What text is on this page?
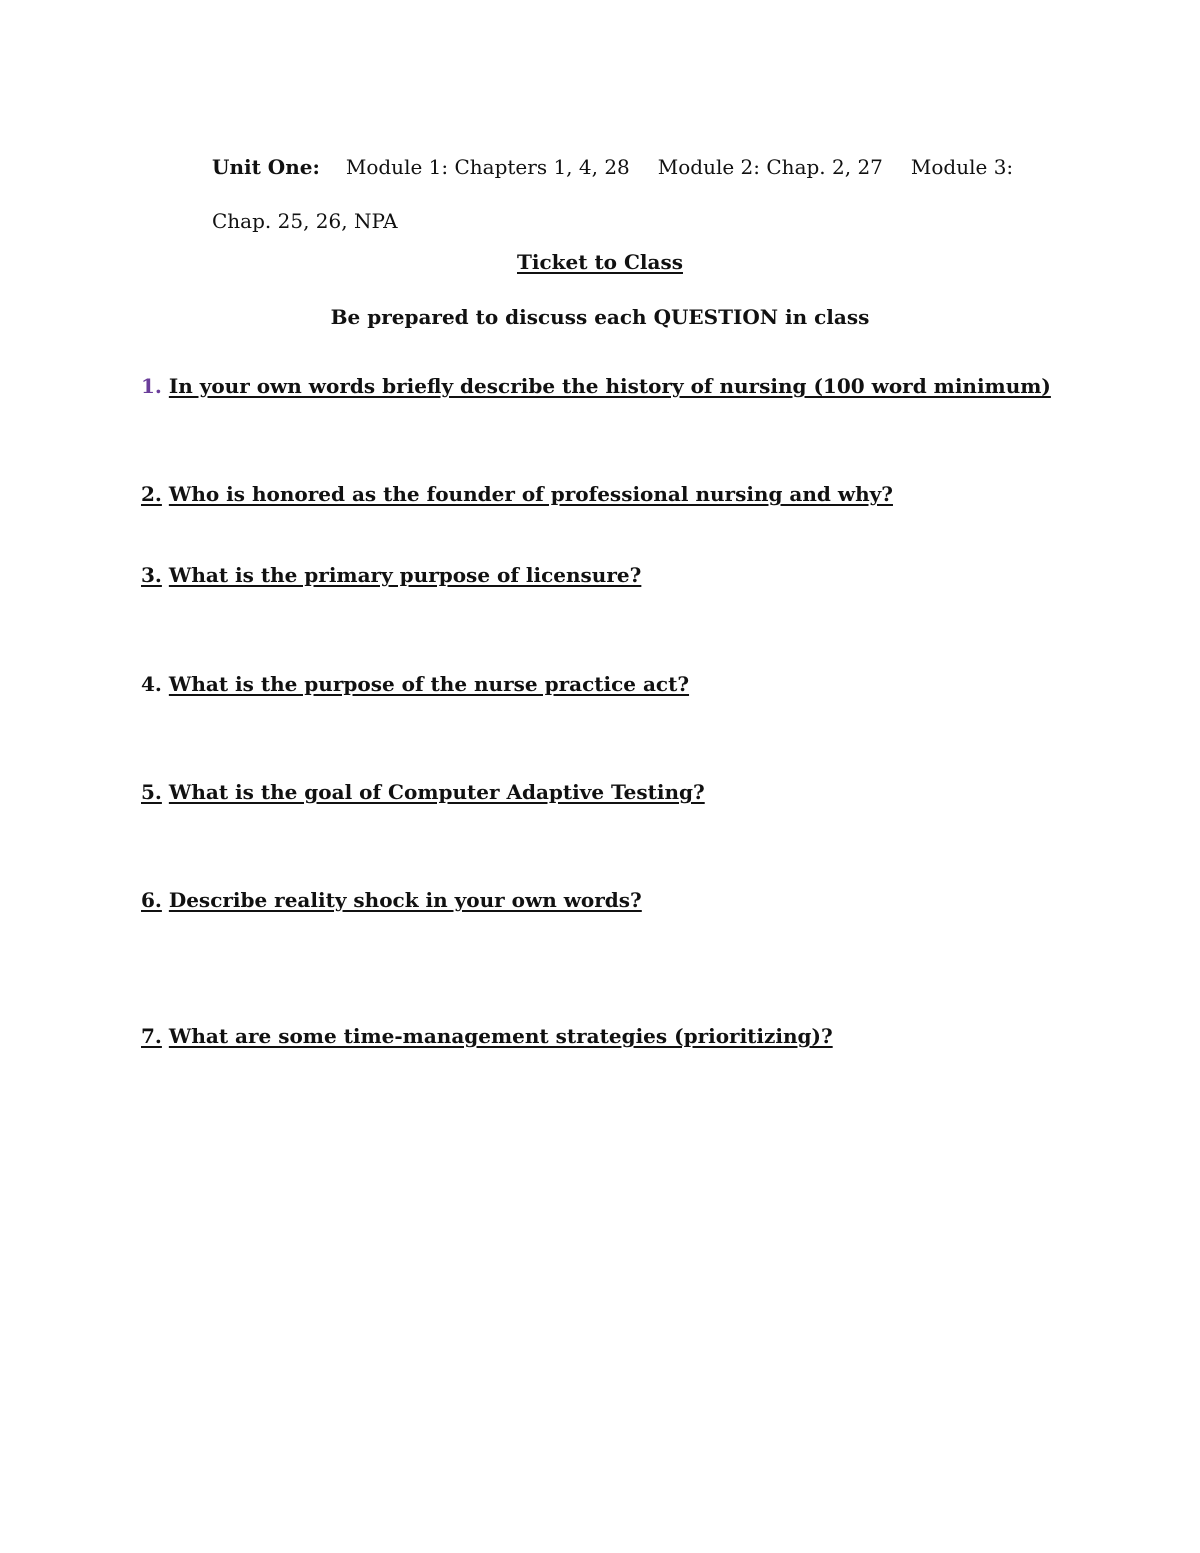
Unit One: Module 1: Chapters 1, 4, 28 Module 2: Chap. 2, 27 Module 3: Chap. 25, 26, NPA
Ticket to Class
Be prepared to discuss each QUESTION in class
1. In your own words briefly describe the history of nursing (100 word minimum)
2. Who is honored as the founder of professional nursing and why?
3. What is the primary purpose of licensure?
4. What is the purpose of the nurse practice act?
5. What is the goal of Computer Adaptive Testing?
6. Describe reality shock in your own words?
7. What are some time-management strategies (prioritizing)?
